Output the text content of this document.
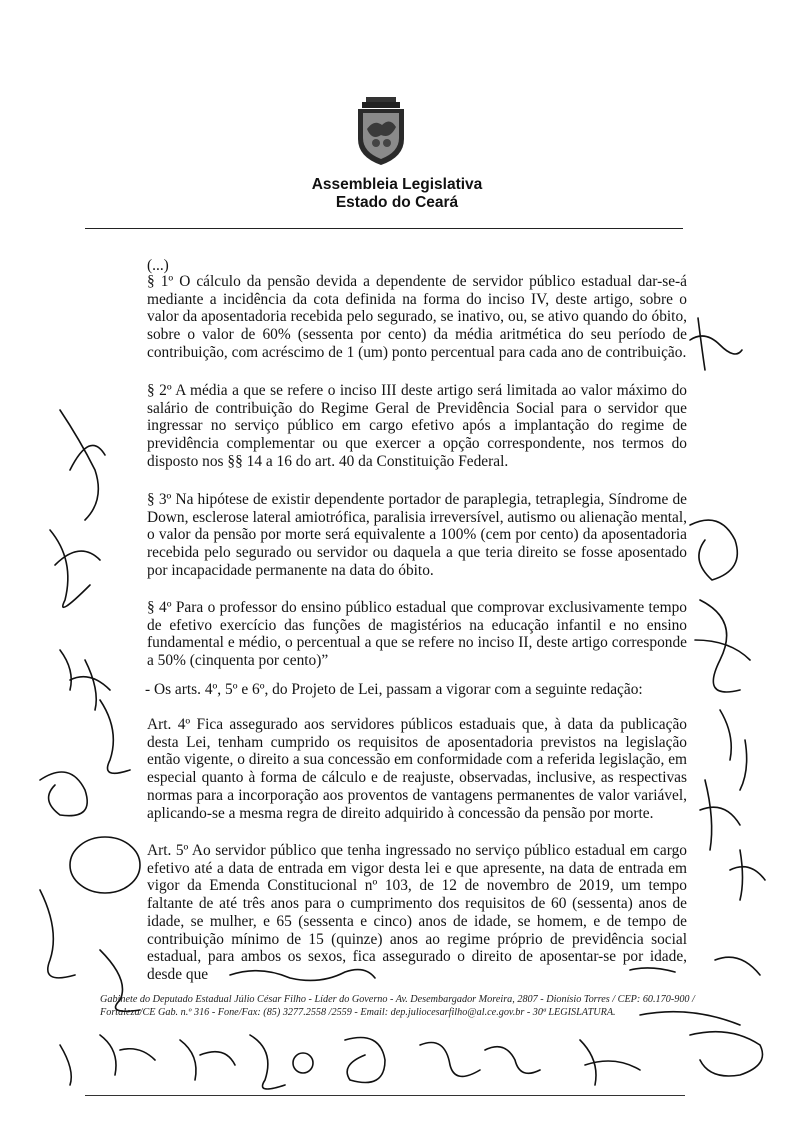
Assembleia Legislativa
Estado do Ceará
(...)

§ 1º O cálculo da pensão devida a dependente de servidor público estadual dar-se-á mediante a incidência da cota definida na forma do inciso IV, deste artigo, sobre o valor da aposentadoria recebida pelo segurado, se inativo, ou, se ativo quando do óbito, sobre o valor de 60% (sessenta por cento) da média aritmética do seu período de contribuição, com acréscimo de 1 (um) ponto percentual para cada ano de contribuição.

§ 2º A média a que se refere o inciso III deste artigo será limitada ao valor máximo do salário de contribuição do Regime Geral de Previdência Social para o servidor que ingressar no serviço público em cargo efetivo após a implantação do regime de previdência complementar ou que exercer a opção correspondente, nos termos do disposto nos §§ 14 a 16 do art. 40 da Constituição Federal.

§ 3º Na hipótese de existir dependente portador de paraplegia, tetraplegia, Síndrome de Down, esclerose lateral amiotrófica, paralisia irreversível, autismo ou alienação mental, o valor da pensão por morte será equivalente a 100% (cem por cento) da aposentadoria recebida pelo segurado ou servidor ou daquela a que teria direito se fosse aposentado por incapacidade permanente na data do óbito.

§ 4º Para o professor do ensino público estadual que comprovar exclusivamente tempo de efetivo exercício das funções de magistérios na educação infantil e no ensino fundamental e médio, o percentual a que se refere no inciso II, deste artigo corresponde a 50% (cinquenta por cento)”

- Os arts. 4º, 5º e 6º, do Projeto de Lei, passam a vigorar com a seguinte redação:

Art. 4º Fica assegurado aos servidores públicos estaduais que, à data da publicação desta Lei, tenham cumprido os requisitos de aposentadoria previstos na legislação então vigente, o direito a sua concessão em conformidade com a referida legislação, em especial quanto à forma de cálculo e de reajuste, observadas, inclusive, as respectivas normas para a incorporação aos proventos de vantagens permanentes de valor variável, aplicando-se a mesma regra de direito adquirido à concessão da pensão por morte.

Art. 5º Ao servidor público que tenha ingressado no serviço público estadual em cargo efetivo até a data de entrada em vigor desta lei e que apresente, na data de entrada em vigor da Emenda Constitucional nº 103, de 12 de novembro de 2019, um tempo faltante de até três anos para o cumprimento dos requisitos de 60 (sessenta) anos de idade, se mulher, e 65 (sessenta e cinco) anos de idade, se homem, e de tempo de contribuição mínimo de 15 (quinze) anos ao regime próprio de previdência social estadual, para ambos os sexos, fica assegurado o direito de aposentar-se por idade, desde que

Gabinete do Deputado Estadual Júlio César Filho - Líder do Governo - Av. Desembargador Moreira, 2807 - Dionísio Torres / CEP: 60.170-900 /
Fortaleza/CE Gab. n.º 316 - Fone/Fax: (85) 3277.2558 /2559 - Email: dep.juliocesarfilho@al.ce.gov.br - 30ª LEGISLATURA.
